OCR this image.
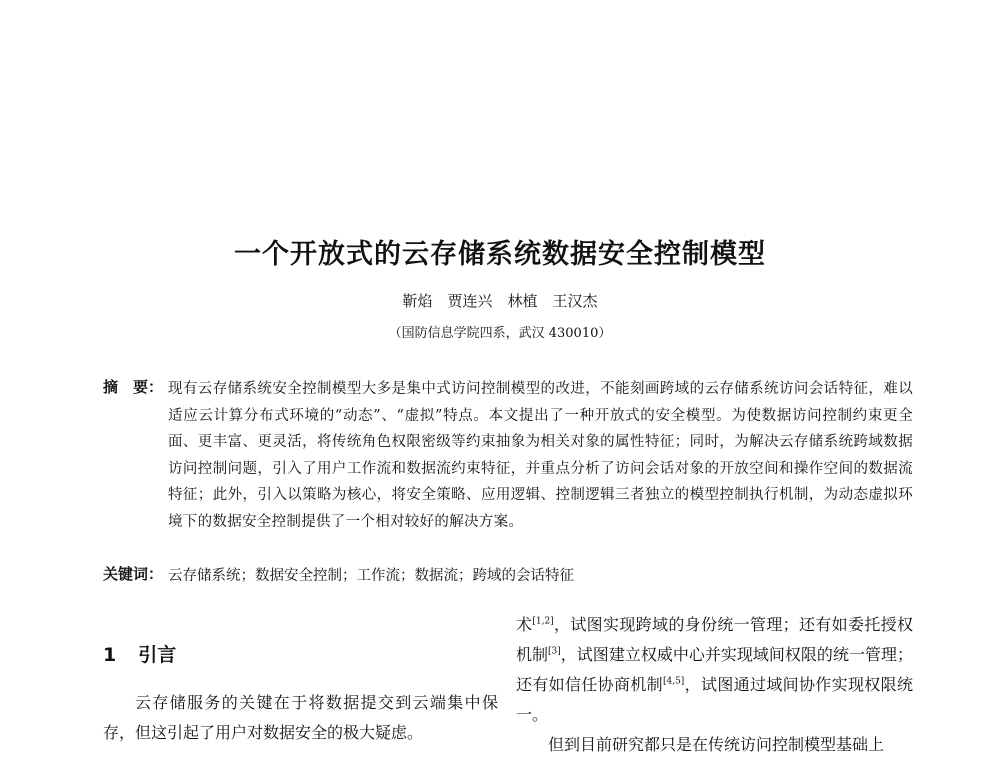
一个开放式的云存储系统数据安全控制模型
靳焰　贾连兴　林植　王汉杰
（国防信息学院四系，武汉 430010）
摘　要： 现有云存储系统安全控制模型大多是集中式访问控制模型的改进，不能刻画跨域的云存储系统访问会话特征，难以适应云计算分布式环境的“动态”、“虚拟”特点。本文提出了一种开放式的安全模型。为使数据访问控制约束更全面、更丰富、更灵活，将传统角色权限密级等约束抽象为相关对象的属性特征；同时，为解决云存储系统跨域数据访问控制问题，引入了用户工作流和数据流约束特征，并重点分析了访问会话对象的开放空间和操作空间的数据流特征；此外，引入以策略为核心，将安全策略、应用逻辑、控制逻辑三者独立的模型控制执行机制，为动态虚拟环境下的数据安全控制提供了一个相对较好的解决方案。
关键词： 云存储系统；数据安全控制；工作流；数据流；跨域的会话特征
1 引言
云存储服务的关键在于将数据提交到云端集中保存，但这引起了用户对数据安全的极大疑虑。
术[1,2]，试图实现跨域的身份统一管理；还有如委托授权机制[3]，试图建立权威中心并实现域间权限的统一管理；还有如信任协商机制[4,5]，试图通过域间协作实现权限统一。
　　但到目前研究都只是在传统访问控制模型基础上
